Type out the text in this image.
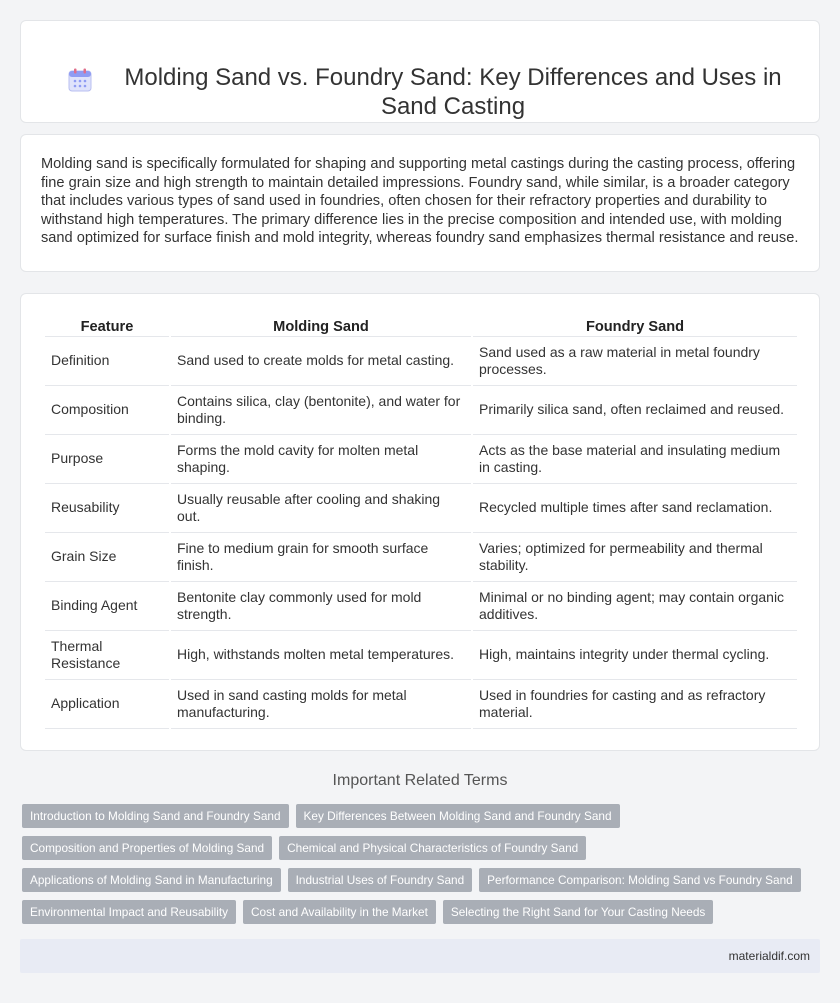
Molding Sand vs. Foundry Sand: Key Differences and Uses in Sand Casting

Molding sand is specifically formulated for shaping and supporting metal castings during the casting process, offering fine grain size and high strength to maintain detailed impressions. Foundry sand, while similar, is a broader category that includes various types of sand used in foundries, often chosen for their refractory properties and durability to withstand high temperatures. The primary difference lies in the precise composition and intended use, with molding sand optimized for surface finish and mold integrity, whereas foundry sand emphasizes thermal resistance and reuse.

Feature	Molding Sand	Foundry Sand
Definition	Sand used to create molds for metal casting.	Sand used as a raw material in metal foundry processes.
Composition	Contains silica, clay (bentonite), and water for binding.	Primarily silica sand, often reclaimed and reused.
Purpose	Forms the mold cavity for molten metal shaping.	Acts as the base material and insulating medium in casting.
Reusability	Usually reusable after cooling and shaking out.	Recycled multiple times after sand reclamation.
Grain Size	Fine to medium grain for smooth surface finish.	Varies; optimized for permeability and thermal stability.
Binding Agent	Bentonite clay commonly used for mold strength.	Minimal or no binding agent; may contain organic additives.
Thermal Resistance	High, withstands molten metal temperatures.	High, maintains integrity under thermal cycling.
Application	Used in sand casting molds for metal manufacturing.	Used in foundries for casting and as refractory material.
Important Related Terms
Introduction to Molding Sand and Foundry Sand	Key Differences Between Molding Sand and Foundry Sand
Composition and Properties of Molding Sand	Chemical and Physical Characteristics of Foundry Sand
Applications of Molding Sand in Manufacturing	Industrial Uses of Foundry Sand	Performance Comparison: Molding Sand vs Foundry Sand
Environmental Impact and Reusability	Cost and Availability in the Market	Selecting the Right Sand for Your Casting Needs
materialdif.com
